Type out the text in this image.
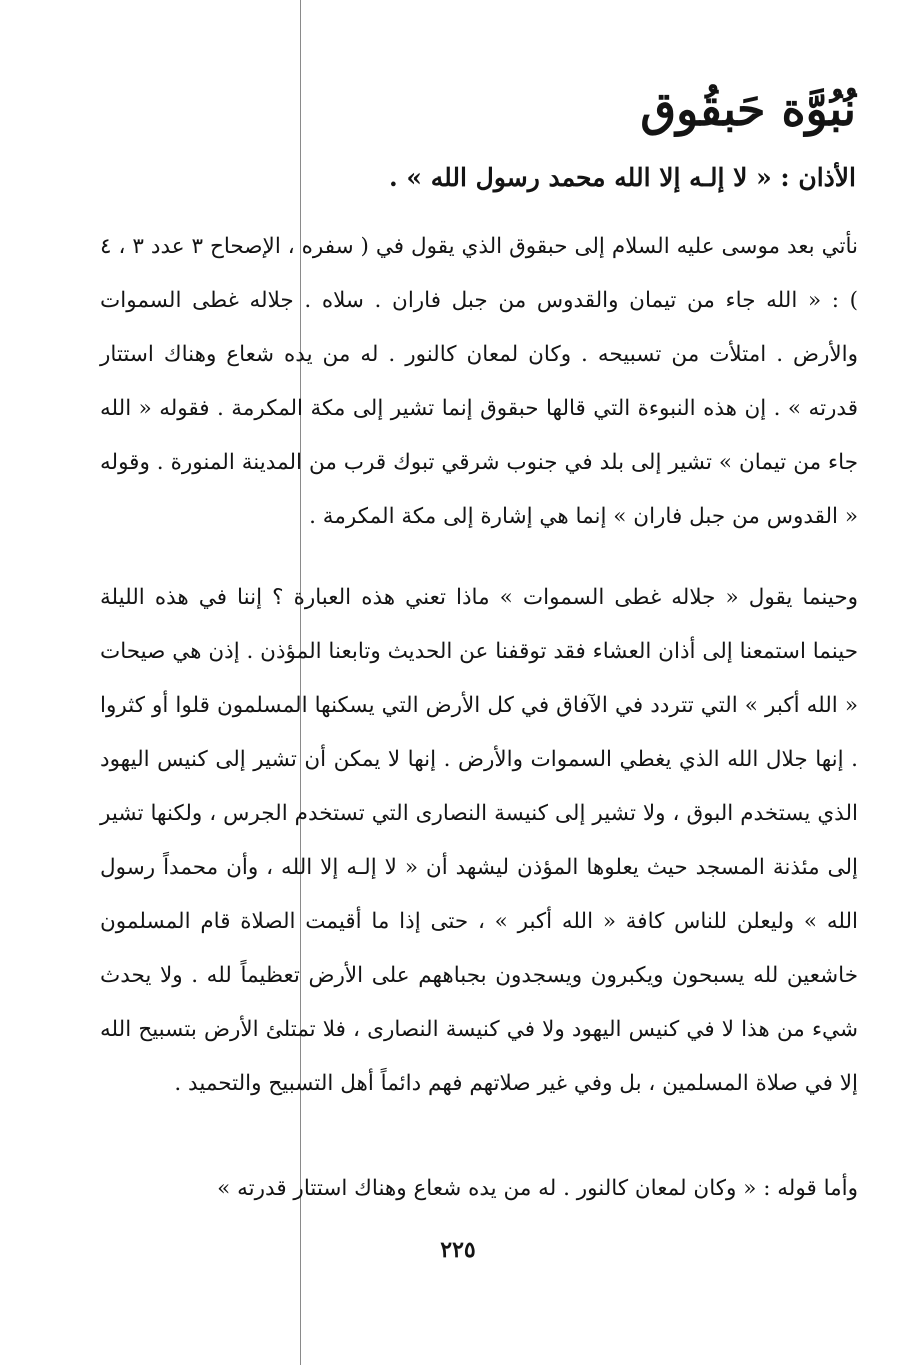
نُبُوَّة حَبقُوق
الأذان : « لا إلـه إلا الله محمد رسول الله » .

نأتي بعد موسى عليه السلام إلى حبقوق الذي يقول في ( سفره ، الإصحاح ٣ عدد ٣ ، ٤ ) : « الله جاء من تيمان والقدوس من جبل فاران . سلاه . جلاله غطى السموات والأرض . امتلأت من تسبيحه . وكان لمعان كالنور . له من يده شعاع وهناك استتار قدرته » . إن هذه النبوءة التي قالها حبقوق إنما تشير إلى مكة المكرمة . فقوله « الله جاء من تيمان » تشير إلى بلد في جنوب شرقي تبوك قرب من المدينة المنورة . وقوله « القدوس من جبل فاران » إنما هي إشارة إلى مكة المكرمة .

وحينما يقول « جلاله غطى السموات » ماذا تعني هذه العبارة ؟ إننا في هذه الليلة حينما استمعنا إلى أذان العشاء فقد توقفنا عن الحديث وتابعنا المؤذن . إذن هي صيحات « الله أكبر » التي تتردد في الآفاق في كل الأرض التي يسكنها المسلمون قلوا أو كثروا . إنها جلال الله الذي يغطي السموات والأرض . إنها لا يمكن أن تشير إلى كنيس اليهود الذي يستخدم البوق ، ولا تشير إلى كنيسة النصارى التي تستخدم الجرس ، ولكنها تشير إلى مئذنة المسجد حيث يعلوها المؤذن ليشهد أن « لا إلـه إلا الله ، وأن محمداً رسول الله » وليعلن للناس كافة « الله أكبر » ، حتى إذا ما أقيمت الصلاة قام المسلمون خاشعين لله يسبحون ويكبرون ويسجدون بجباههم على الأرض تعظيماً لله . ولا يحدث شيء من هذا لا في كنيس اليهود ولا في كنيسة النصارى ، فلا تمتلئ الأرض بتسبيح الله إلا في صلاة المسلمين ، بل وفي غير صلاتهم فهم دائماً أهل التسبيح والتحميد .

وأما قوله : « وكان لمعان كالنور . له من يده شعاع وهناك استتار قدرته »

٢٢٥
